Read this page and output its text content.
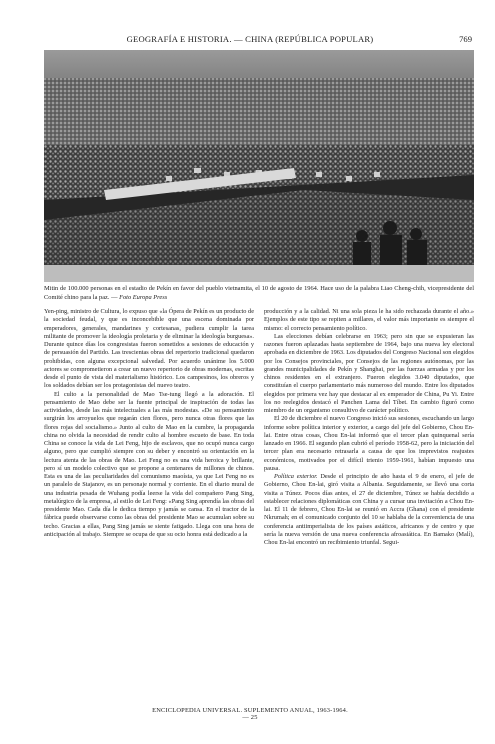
GEOGRAFÍA E HISTORIA. — CHINA (REPÚBLICA POPULAR)	769
Mitin de 100.000 personas en el estadio de Pekín en favor del pueblo vietnamita, el 10 de agosto de 1964. Hace uso de la palabra Liao Cheng-chih, vicepresidente del Comité chino para la paz. — Foto Europa Press

Yen-ping, ministro de Cultura, lo expuso que «la Ópera de Pekín es un producto de la sociedad feudal, y que es inconcebible que una escena dominada por emperadores, generales, mandarines y cortesanas, pudiera cumplir la tarea militante de promover la ideología proletaria y de eliminar la ideología burguesa». Durante quince días los congresistas fueron sometidos a sesiones de educación y de persuasión del Partido. Las trescientas obras del repertorio tradicional quedaron prohibidas, con alguna excepcional salvedad. Por acuerdo unánime los 5.000 actores se comprometieron a crear un nuevo repertorio de obras modernas, escritas desde el punto de vista del materialismo histórico. Los campesinos, los obreros y los soldados debían ser los protagonistas del nuevo teatro.

El culto a la personalidad de Mao Tse-tung llegó a la adoración. El pensamiento de Mao debe ser la fuente principal de inspiración de todas las actividades, desde las más intelectuales a las más modestas. «De su pensamiento surgirán los arroyuelos que regarán cien flores, pero nunca otras flores que las flores rojas del socialismo.» Junto al culto de Mao en la cumbre, la propaganda china no olvida la necesidad de rendir culto al hombre escueto de base. En toda China se conoce la vida de Lei Feng, hijo de esclavos, que no ocupó nunca cargo alguno, pero que cumplió siempre con su deber y encontró su orientación en la lectura atenta de las obras de Mao. Lei Feng no es una vida heroica y brillante, pero sí un modelo colectivo que se propone a centenares de millones de chinos. Esta es una de las peculiaridades del comunismo maoísta, ya que Lei Feng no es un paralelo de Stajanov, es un personaje normal y corriente. En el diario mural de una industria pesada de Wuhang podía leerse la vida del compañero Pang Sing, metalúrgico de la empresa, al estilo de Lei Feng: «Pang Sing aprendía las obras del presidente Mao. Cada día le dedica tiempo y jamás se cansa. En el tractor de la fábrica puede observarse como las obras del presidente Mao se acumulan sobre su techo. Gracias a ellas, Pang Sing jamás se siente fatigado. Llega con una hora de anticipación al trabajo. Siempre se ocupa de que su ocio honra está dedicado a la

producción y a la calidad. Ni una sola pieza le ha sido rechazada durante el año.» Ejemplos de este tipo se repiten a millares, el valor más importante es siempre el mismo: el correcto pensamiento político.

Las elecciones debían celebrarse en 1963; pero sin que se expusieran las razones fueron aplazadas hasta septiembre de 1964, bajo una nueva ley electoral aprobada en diciembre de 1963. Los diputados del Congreso Nacional son elegidos por los Consejos provinciales, por Consejos de las regiones autónomas, por las grandes municipalidades de Pekín y Shanghai, por las fuerzas armadas y por los chinos residentes en el extranjero. Fueron elegidos 3.040 diputados, que constituían el cuerpo parlamentario más numeroso del mundo. Entre los diputados elegidos por primera vez hay que destacar al ex emperador de China, Pu Yi. Entre los no reelegidos destacó el Panchen Lama del Tíbet. En cambio figuró como miembro de un organismo consultivo de carácter político.

El 20 de diciembre el nuevo Congreso inició sus sesiones, escuchando un largo informe sobre política interior y exterior, a cargo del jefe del Gobierno, Chou En-lai. Entre otras cosas, Chou En-lai informó que el tercer plan quinquenal sería lanzado en 1966. El segundo plan cubrió el período 1958-62, pero la iniciación del tercer plan era necesario retrasarla a causa de que los imprevistos reajustes económicos, motivados por el difícil trienio 1959-1961, habían impuesto una pausa.

Política exterior. Desde el principio de año hasta el 9 de enero, el jefe de Gobierno, Chou En-lai, giró visita a Albania. Seguidamente, se llevó una corta visita a Túnez. Pocos días antes, el 27 de diciembre, Túnez se había decidido a establecer relaciones diplomáticas con China y a cursar una invitación a Chou En-lai. El 11 de febrero, Chou En-lai se reunió en Accra (Ghana) con el presidente Nkrumah; en el comunicado conjunto del 10 se hablaba de la conveniencia de una conferencia antiimperialista de los países asiáticos, africanos y de centro y que sería la nueva versión de una nueva conferencia afroasiática. En Bamako (Malí), Chou En-lai encontró un recibimiento triunfal. Segui-

ENCICLOPEDIA UNIVERSAL. SUPLEMENTO ANUAL, 1963-1964. — 25
